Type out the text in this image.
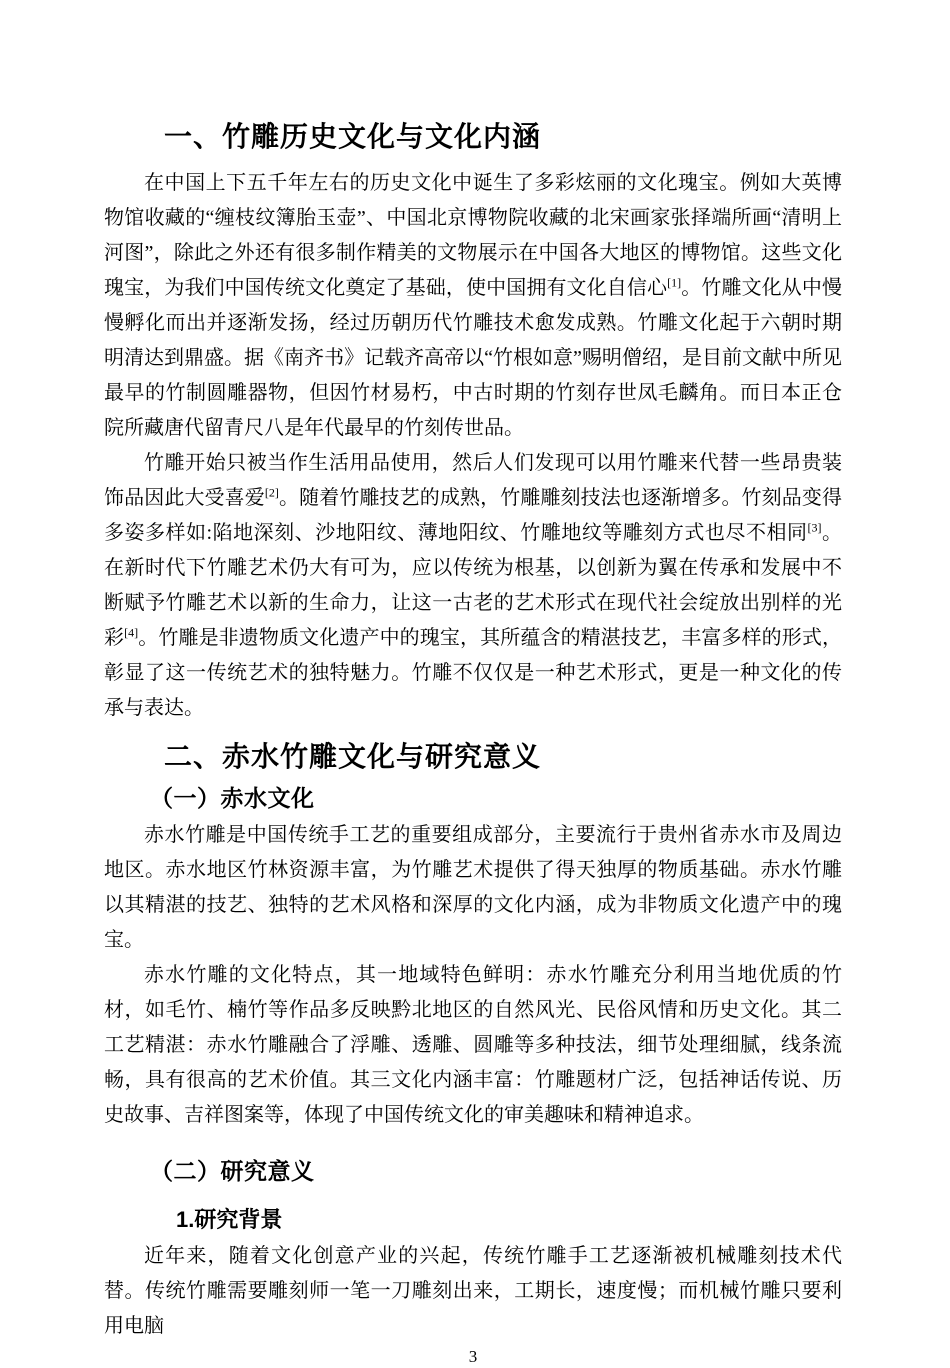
一、竹雕历史文化与文化内涵

在中国上下五千年左右的历史文化中诞生了多彩炫丽的文化瑰宝。例如大英博物馆收藏的“缠枝纹簿胎玉壶”、中国北京博物院收藏的北宋画家张择端所画“清明上河图”，除此之外还有很多制作精美的文物展示在中国各大地区的博物馆。这些文化瑰宝，为我们中国传统文化奠定了基础，使中国拥有文化自信心[1]。竹雕文化从中慢慢孵化而出并逐渐发扬，经过历朝历代竹雕技术愈发成熟。竹雕文化起于六朝时期明清达到鼎盛。据《南齐书》记载齐高帝以“竹根如意”赐明僧绍，是目前文献中所见最早的竹制圆雕器物，但因竹材易朽，中古时期的竹刻存世凤毛麟角。而日本正仓院所藏唐代留青尺八是年代最早的竹刻传世品。

竹雕开始只被当作生活用品使用，然后人们发现可以用竹雕来代替一些昂贵装饰品因此大受喜爱[2]。随着竹雕技艺的成熟，竹雕雕刻技法也逐渐增多。竹刻品变得多姿多样如:陷地深刻、沙地阳纹、薄地阳纹、竹雕地纹等雕刻方式也尽不相同[3]。在新时代下竹雕艺术仍大有可为，应以传统为根基，以创新为翼在传承和发展中不断赋予竹雕艺术以新的生命力，让这一古老的艺术形式在现代社会绽放出别样的光彩[4]。竹雕是非遗物质文化遗产中的瑰宝，其所蕴含的精湛技艺，丰富多样的形式，彰显了这一传统艺术的独特魅力。竹雕不仅仅是一种艺术形式，更是一种文化的传承与表达。

二、赤水竹雕文化与研究意义
（一）赤水文化

赤水竹雕是中国传统手工艺的重要组成部分，主要流行于贵州省赤水市及周边地区。赤水地区竹林资源丰富，为竹雕艺术提供了得天独厚的物质基础。赤水竹雕以其精湛的技艺、独特的艺术风格和深厚的文化内涵，成为非物质文化遗产中的瑰宝。

赤水竹雕的文化特点，其一地域特色鲜明：赤水竹雕充分利用当地优质的竹材，如毛竹、楠竹等作品多反映黔北地区的自然风光、民俗风情和历史文化。其二工艺精湛：赤水竹雕融合了浮雕、透雕、圆雕等多种技法，细节处理细腻，线条流畅，具有很高的艺术价值。其三文化内涵丰富：竹雕题材广泛，包括神话传说、历史故事、吉祥图案等，体现了中国传统文化的审美趣味和精神追求。

（二）研究意义
1.研究背景

近年来，随着文化创意产业的兴起，传统竹雕手工艺逐渐被机械雕刻技术代替。传统竹雕需要雕刻师一笔一刀雕刻出来，工期长，速度慢；而机械竹雕只要利用电脑

3
